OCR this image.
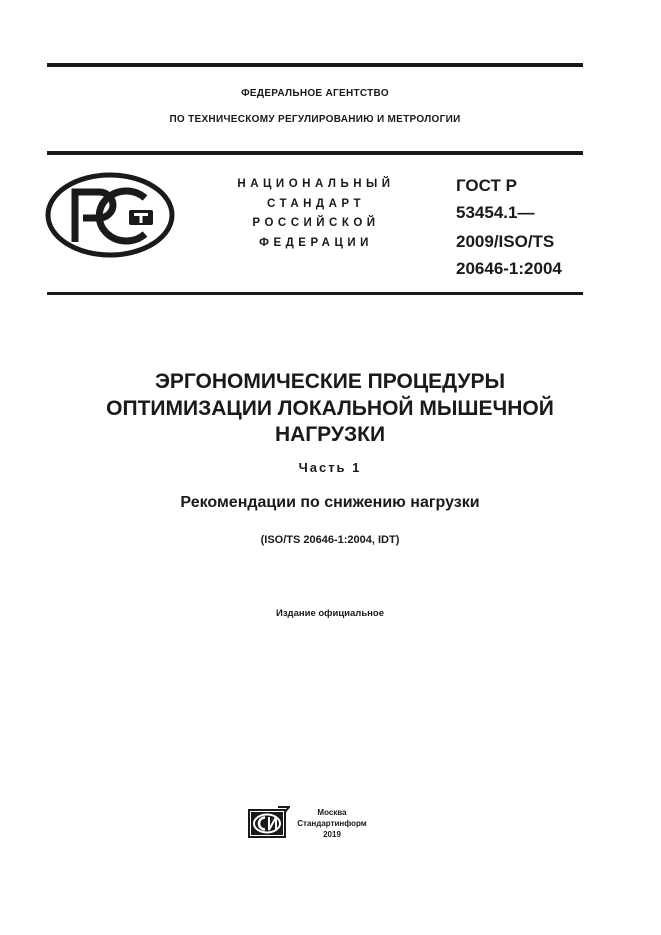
ФЕДЕРАЛЬНОЕ АГЕНТСТВО
ПО ТЕХНИЧЕСКОМУ РЕГУЛИРОВАНИЮ И МЕТРОЛОГИИ
НАЦИОНАЛЬНЫЙ
СТАНДАРТ
РОССИЙСКОЙ
ФЕДЕРАЦИИ
ГОСТ Р
53454.1—
2009/ISO/TS
20646-1:2004
ЭРГОНОМИЧЕСКИЕ ПРОЦЕДУРЫ
ОПТИМИЗАЦИИ ЛОКАЛЬНОЙ МЫШЕЧНОЙ
НАГРУЗКИ
Часть 1
Рекомендации по снижению нагрузки
(ISO/TS 20646-1:2004, IDT)
Издание официальное
Москва
Стандартинформ
2019
